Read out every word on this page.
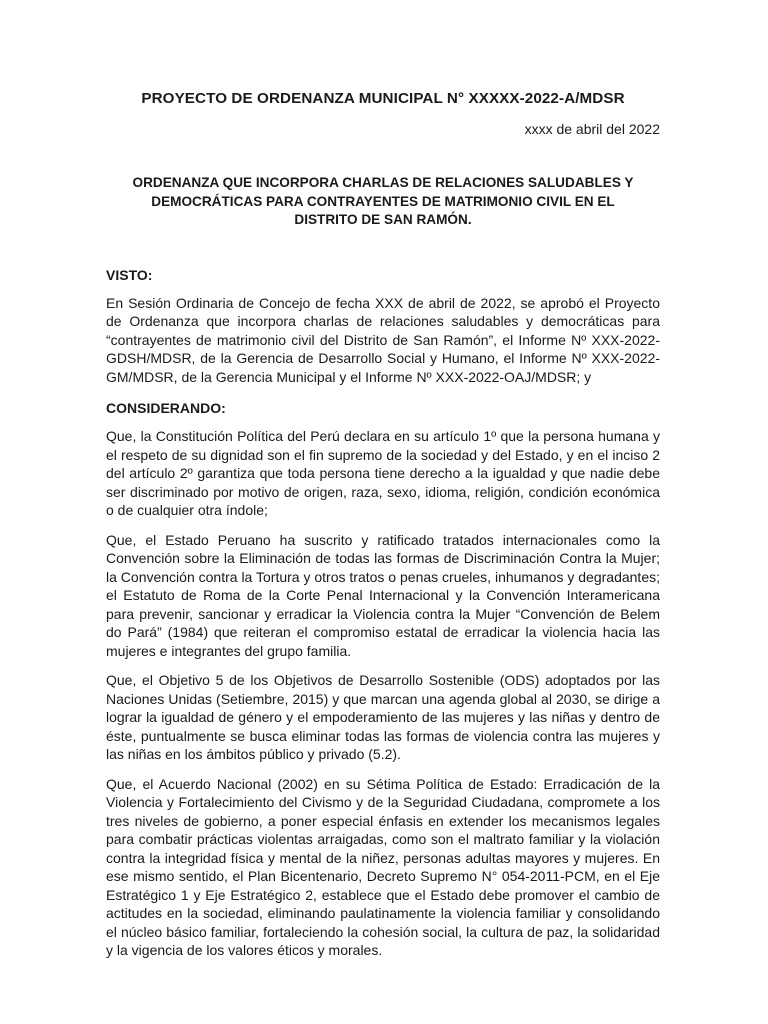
PROYECTO DE ORDENANZA MUNICIPAL N° XXXXX-2022-A/MDSR
xxxx de abril del 2022
ORDENANZA QUE INCORPORA CHARLAS DE RELACIONES SALUDABLES Y DEMOCRÁTICAS PARA CONTRAYENTES DE MATRIMONIO CIVIL EN EL DISTRITO DE SAN RAMÓN.
VISTO:
En Sesión Ordinaria de Concejo de fecha XXX de abril de 2022, se aprobó el Proyecto de Ordenanza que incorpora charlas de relaciones saludables y democráticas para “contrayentes de matrimonio civil del Distrito de San Ramón”, el Informe Nº XXX-2022-GDSH/MDSR, de la Gerencia de Desarrollo Social y Humano, el Informe Nº XXX-2022-GM/MDSR, de la Gerencia Municipal y el Informe Nº XXX-2022-OAJ/MDSR; y
CONSIDERANDO:
Que, la Constitución Política del Perú declara en su artículo 1º que la persona humana y el respeto de su dignidad son el fin supremo de la sociedad y del Estado, y en el inciso 2 del artículo 2º garantiza que toda persona tiene derecho a la igualdad y que nadie debe ser discriminado por motivo de origen, raza, sexo, idioma, religión, condición económica o de cualquier otra índole;
Que, el Estado Peruano ha suscrito y ratificado tratados internacionales como la Convención sobre la Eliminación de todas las formas de Discriminación Contra la Mujer; la Convención contra la Tortura y otros tratos o penas crueles, inhumanos y degradantes; el Estatuto de Roma de la Corte Penal Internacional y la Convención Interamericana para prevenir, sancionar y erradicar la Violencia contra la Mujer “Convención de Belem do Pará” (1984) que reiteran el compromiso estatal de erradicar la violencia hacia las mujeres e integrantes del grupo familia.
Que, el Objetivo 5 de los Objetivos de Desarrollo Sostenible (ODS) adoptados por las Naciones Unidas (Setiembre, 2015) y que marcan una agenda global al 2030, se dirige a lograr la igualdad de género y el empoderamiento de las mujeres y las niñas y dentro de éste, puntualmente se busca eliminar todas las formas de violencia contra las mujeres y las niñas en los ámbitos público y privado (5.2).
Que, el Acuerdo Nacional (2002) en su Sétima Política de Estado: Erradicación de la Violencia y Fortalecimiento del Civismo y de la Seguridad Ciudadana, compromete a los tres niveles de gobierno, a poner especial énfasis en extender los mecanismos legales para combatir prácticas violentas arraigadas, como son el maltrato familiar y la violación contra la integridad física y mental de la niñez, personas adultas mayores y mujeres. En ese mismo sentido, el Plan Bicentenario, Decreto Supremo N° 054-2011-PCM, en el Eje Estratégico 1 y Eje Estratégico 2, establece que el Estado debe promover el cambio de actitudes en la sociedad, eliminando paulatinamente la violencia familiar y consolidando el núcleo básico familiar, fortaleciendo la cohesión social, la cultura de paz, la solidaridad y la vigencia de los valores éticos y morales.
